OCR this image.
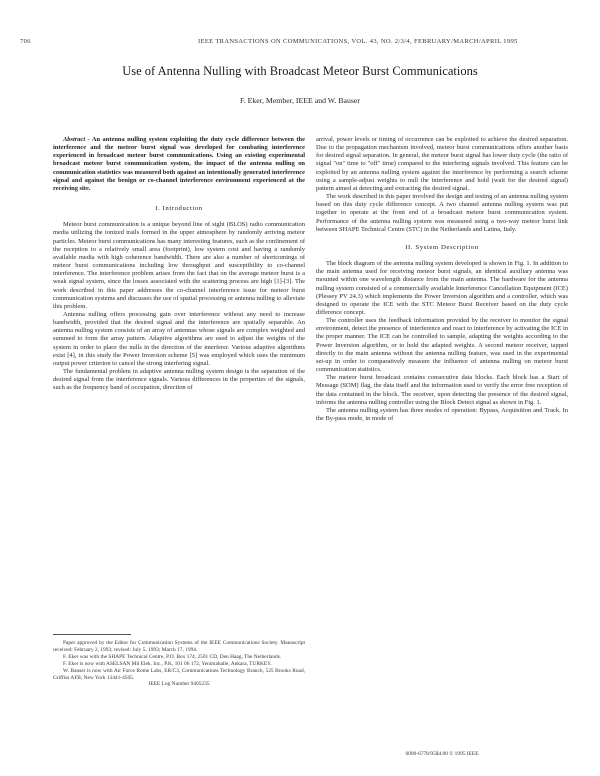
706	IEEE TRANSACTIONS ON COMMUNICATIONS, VOL. 43, NO. 2/3/4, FEBRUARY/MARCH/APRIL 1995
Use of Antenna Nulling with Broadcast Meteor Burst Communications
F. Eker, Member, IEEE and W. Bauser

Abstract - An antenna nulling system exploiting the duty cycle difference between the interference and the meteor burst signal was developed for combating interference experienced in broadcast meteor burst communications. Using an existing experimental broadcast meteor burst communication system, the impact of the antenna nulling on communication statistics was measured both against an intentionally generated interference signal and against the benign or co-channel interference environment experienced at the receiving site.

I. Introduction

Meteor burst communication is a unique beyond line of sight (BLOS) radio communication media utilizing the ionized trails formed in the upper atmosphere by randomly arriving meteor particles. Meteor burst communications has many interesting features, such as the confinement of the reception to a relatively small area (footprint), low system cost and having a randomly available media with high coherence bandwidth. There are also a number of shortcomings of meteor burst communications including low throughput and susceptibility to co-channel interference. The interference problem arises from the fact that on the average meteor burst is a weak signal system, since the losses associated with the scattering process are high [1]-[3]. The work described in this paper addresses the co-channel interference issue for meteor burst communication systems and discusses the use of spatial processing or antenna nulling to alleviate this problem.

Antenna nulling offers processing gain over interference without any need to increase bandwidth, provided that the desired signal and the interference are spatially separable. An antenna nulling system consists of an array of antennas whose signals are complex weighted and summed to form the array pattern. Adaptive algorithms are used to adjust the weights of the system in order to place the nulls in the direction of the interferer. Various adaptive algorithms exist [4], in this study the Power Inversion scheme [5] was employed which uses the minimum output power criterion to cancel the strong interfering signal.

The fundamental problem in adaptive antenna nulling system design is the separation of the desired signal from the interference signals. Various differences in the properties of the signals, such as the frequency band of occupation, direction of

Paper approved by the Editor for Communication Systems of the IEEE Communications Society. Manuscript received: February 2, 1993; revised: July 5, 1993; March 17, 1994.

F. Eker was with the SHAPE Technical Centre, P.O. Box 174, 2501 CD, Den Haag, The Netherlands.

F. Eker is now with ASELSAN Mil Elek. Inc., P.K. 101 06 172, Yenimahalle, Ankara, TURKEY.

W. Bauser is now with Air Force Rome Labs, ER/C3, Communications Technology Branch, 525 Brooks Road, Griffiss AFB, New York 13441-4505.

IEEE Log Number 9405235

arrival, power levels or timing of occurrence can be exploited to achieve the desired separation. Due to the propagation mechanism involved, meteor burst communications offers another basis for desired signal separation. In general, the meteor burst signal has lower duty cycle (the ratio of signal "on" time to "off" time) compared to the interfering signals involved. This feature can be exploited by an antenna nulling system against the interference by performing a search scheme using a sample-adjust weights to null the interference and hold (wait for the desired signal) pattern aimed at detecting and extracting the desired signal.

The work described in this paper involved the design and testing of an antenna nulling system based on this duty cycle difference concept. A two channel antenna nulling system was put together to operate at the front end of a broadcast meteor burst communication system. Performance of the antenna nulling system was measured using a two-way meteor burst link between SHAPE Technical Centre (STC) in the Netherlands and Latina, Italy.

II. System Description

The block diagram of the antenna nulling system developed is shown in Fig. 1. In addition to the main antenna used for receiving meteor burst signals, an identical auxiliary antenna was mounted within one wavelength distance from the main antenna. The hardware for the antenna nulling system consisted of a commercially available Interference Cancellation Equipment (ICE) (Plessey PV 24.3) which implements the Power Inversion algorithm and a controller, which was designed to operate the ICE with the STC Meteor Burst Receiver based on the duty cycle difference concept.

The controller uses the feedback information provided by the receiver to monitor the signal environment, detect the presence of interference and react to interference by activating the ICE in the proper manner. The ICE can be controlled to sample, adapting the weights according to the Power Inversion algorithm, or to hold the adapted weights. A second meteor receiver, tapped directly to the main antenna without the antenna nulling feature, was used in the experimental set-up in order to comparatively measure the influence of antenna nulling on meteor burst communication statistics.

The meteor burst broadcast contains consecutive data blocks. Each block has a Start of Message (SOM) flag, the data itself and the information used to verify the error free reception of the data contained in the block. The receiver, upon detecting the presence of the desired signal, informs the antenna nulling controller using the Block Detect signal as shown in Fig. 1.

The antenna nulling system has three modes of operation: Bypass, Acquisition and Track. In the By-pass mode, in mode of

0090-6778/95$4.00 © 1995 IEEE
